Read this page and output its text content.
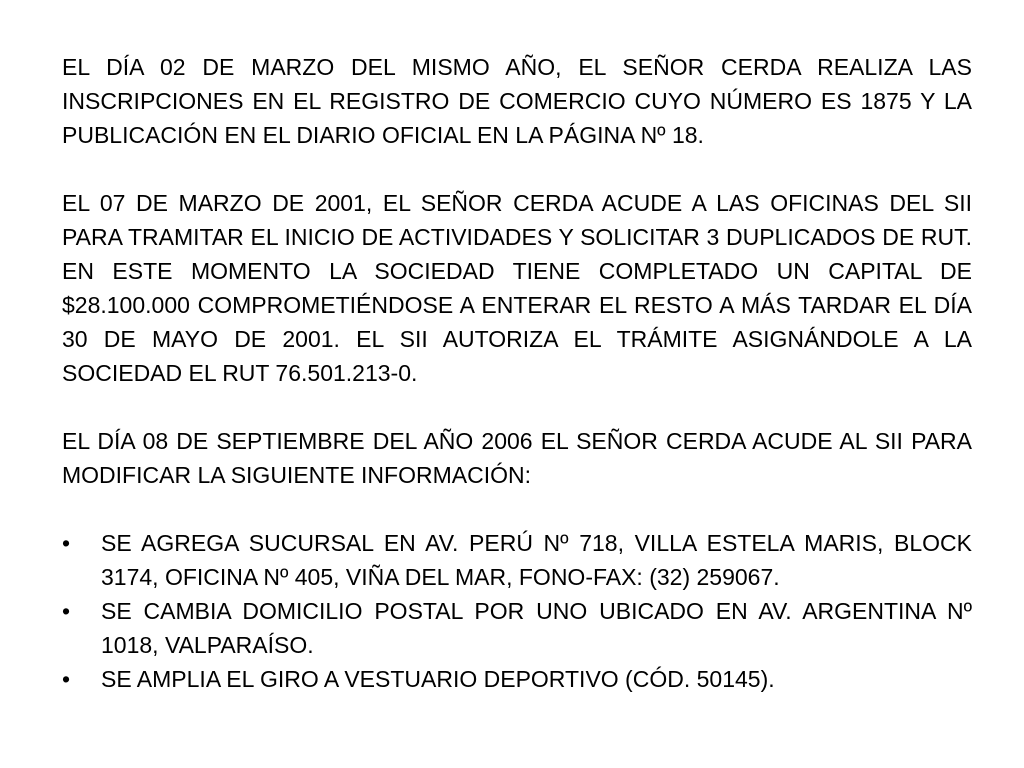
EL DÍA 02 DE MARZO DEL MISMO AÑO, EL SEÑOR CERDA REALIZA LAS INSCRIPCIONES EN EL REGISTRO DE COMERCIO CUYO NÚMERO ES 1875 Y LA PUBLICACIÓN EN EL DIARIO OFICIAL EN LA PÁGINA Nº 18.

EL 07 DE MARZO DE 2001, EL SEÑOR CERDA ACUDE A LAS OFICINAS DEL SII PARA TRAMITAR EL INICIO DE ACTIVIDADES Y SOLICITAR 3 DUPLICADOS DE RUT. EN ESTE MOMENTO LA SOCIEDAD TIENE COMPLETADO UN CAPITAL DE $28.100.000 COMPROMETIÉNDOSE A ENTERAR EL RESTO A MÁS TARDAR EL DÍA 30 DE MAYO DE 2001. EL SII AUTORIZA EL TRÁMITE ASIGNÁNDOLE A LA SOCIEDAD EL RUT 76.501.213-0.

EL DÍA 08 DE SEPTIEMBRE DEL AÑO 2006 EL SEÑOR CERDA ACUDE AL SII PARA MODIFICAR LA SIGUIENTE INFORMACIÓN:

•	SE AGREGA SUCURSAL EN AV. PERÚ Nº 718, VILLA ESTELA MARIS, BLOCK 3174, OFICINA Nº 405, VIÑA DEL MAR, FONO-FAX: (32) 259067.
•	SE CAMBIA DOMICILIO POSTAL POR UNO UBICADO EN AV. ARGENTINA Nº 1018, VALPARAÍSO.
•	SE AMPLIA EL GIRO A VESTUARIO DEPORTIVO (CÓD. 50145).
